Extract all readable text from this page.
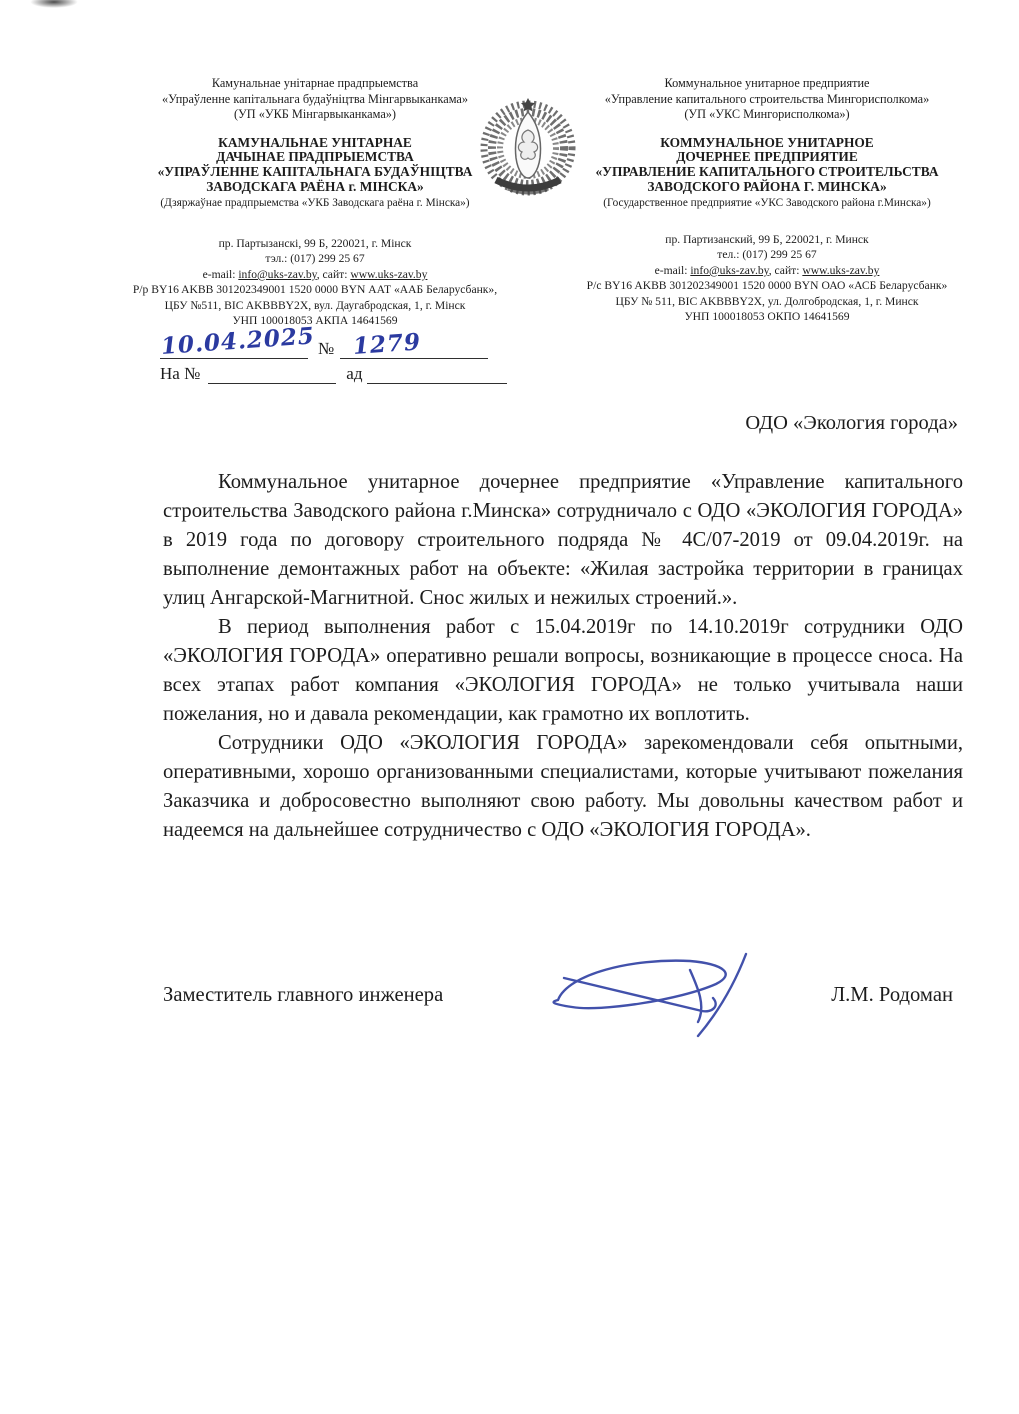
Камунальнае унітарнае прадпрыемства
«Упраўленне капітальнага будаўніцтва Мінгарвыканкама»
(УП «УКБ Мінгарвыканкама»)
КАМУНАЛЬНАЕ УНІТАРНАЕ
ДАЧЫНАЕ ПРАДПРЫЕМСТВА
«УПРАЎЛЕННЕ КАПІТАЛЬНАГА БУДАЎНІЦТВА
ЗАВОДСКАГА РАЁНА г. МІНСКА»
(Дзяржаўнае прадпрыемства «УКБ Заводскага раёна г. Мінска»)
Коммунальное унитарное предприятие
«Управление капитального строительства Мингорисполкома»
(УП «УКС Мингорисполкома»)
КОММУНАЛЬНОЕ УНИТАРНОЕ
ДОЧЕРНЕЕ ПРЕДПРИЯТИЕ
«УПРАВЛЕНИЕ КАПИТАЛЬНОГО СТРОИТЕЛЬСТВА
ЗАВОДСКОГО РАЙОНА Г. МИНСКА»
(Государственное предприятие «УКС Заводского района г.Минска»)
пр. Партызанскі, 99 Б, 220021, г. Мінск
тэл.: (017) 299 25 67
e-mail: info@uks-zav.by, сайт: www.uks-zav.by
Р/р BY16 AKBB 301202349001 1520 0000 BYN ААТ «ААБ Беларусбанк»,
ЦБУ №511, BIC AKBBBY2X, вул. Даугабродская, 1, г. Мінск
УНП 100018053 АКПА 14641569
пр. Партизанский, 99 Б, 220021, г. Минск
тел.: (017) 299 25 67
e-mail: info@uks-zav.by, сайт: www.uks-zav.by
Р/с BY16 AKBB 301202349001 1520 0000 BYN ОАО «АСБ Беларусбанк»
ЦБУ № 511, BIC AKBBBY2X, ул. Долгобродская, 1, г. Минск
УНП 100018053 ОКПО 14641569
10.04.2025 № 1279
На №	ад
ОДО «Экология города»

Коммунальное унитарное дочернее предприятие «Управление капитального строительства Заводского района г.Минска» сотрудничало с ОДО «ЭКОЛОГИЯ ГОРОДА» в 2019 года по договору строительного подряда № 4С/07-2019 от 09.04.2019г. на выполнение демонтажных работ на объекте: «Жилая застройка территории в границах улиц Ангарской-Магнитной. Снос жилых и нежилых строений.».

В период выполнения работ с 15.04.2019г по 14.10.2019г сотрудники ОДО «ЭКОЛОГИЯ ГОРОДА» оперативно решали вопросы, возникающие в процессе сноса. На всех этапах работ компания «ЭКОЛОГИЯ ГОРОДА» не только учитывала наши пожелания, но и давала рекомендации, как грамотно их воплотить.

Сотрудники ОДО «ЭКОЛОГИЯ ГОРОДА» зарекомендовали себя опытными, оперативными, хорошо организованными специалистами, которые учитывают пожелания Заказчика и добросовестно выполняют свою работу. Мы довольны качеством работ и надеемся на дальнейшее сотрудничество с ОДО «ЭКОЛОГИЯ ГОРОДА».

Заместитель главного инженера	Л.М. Родоман
